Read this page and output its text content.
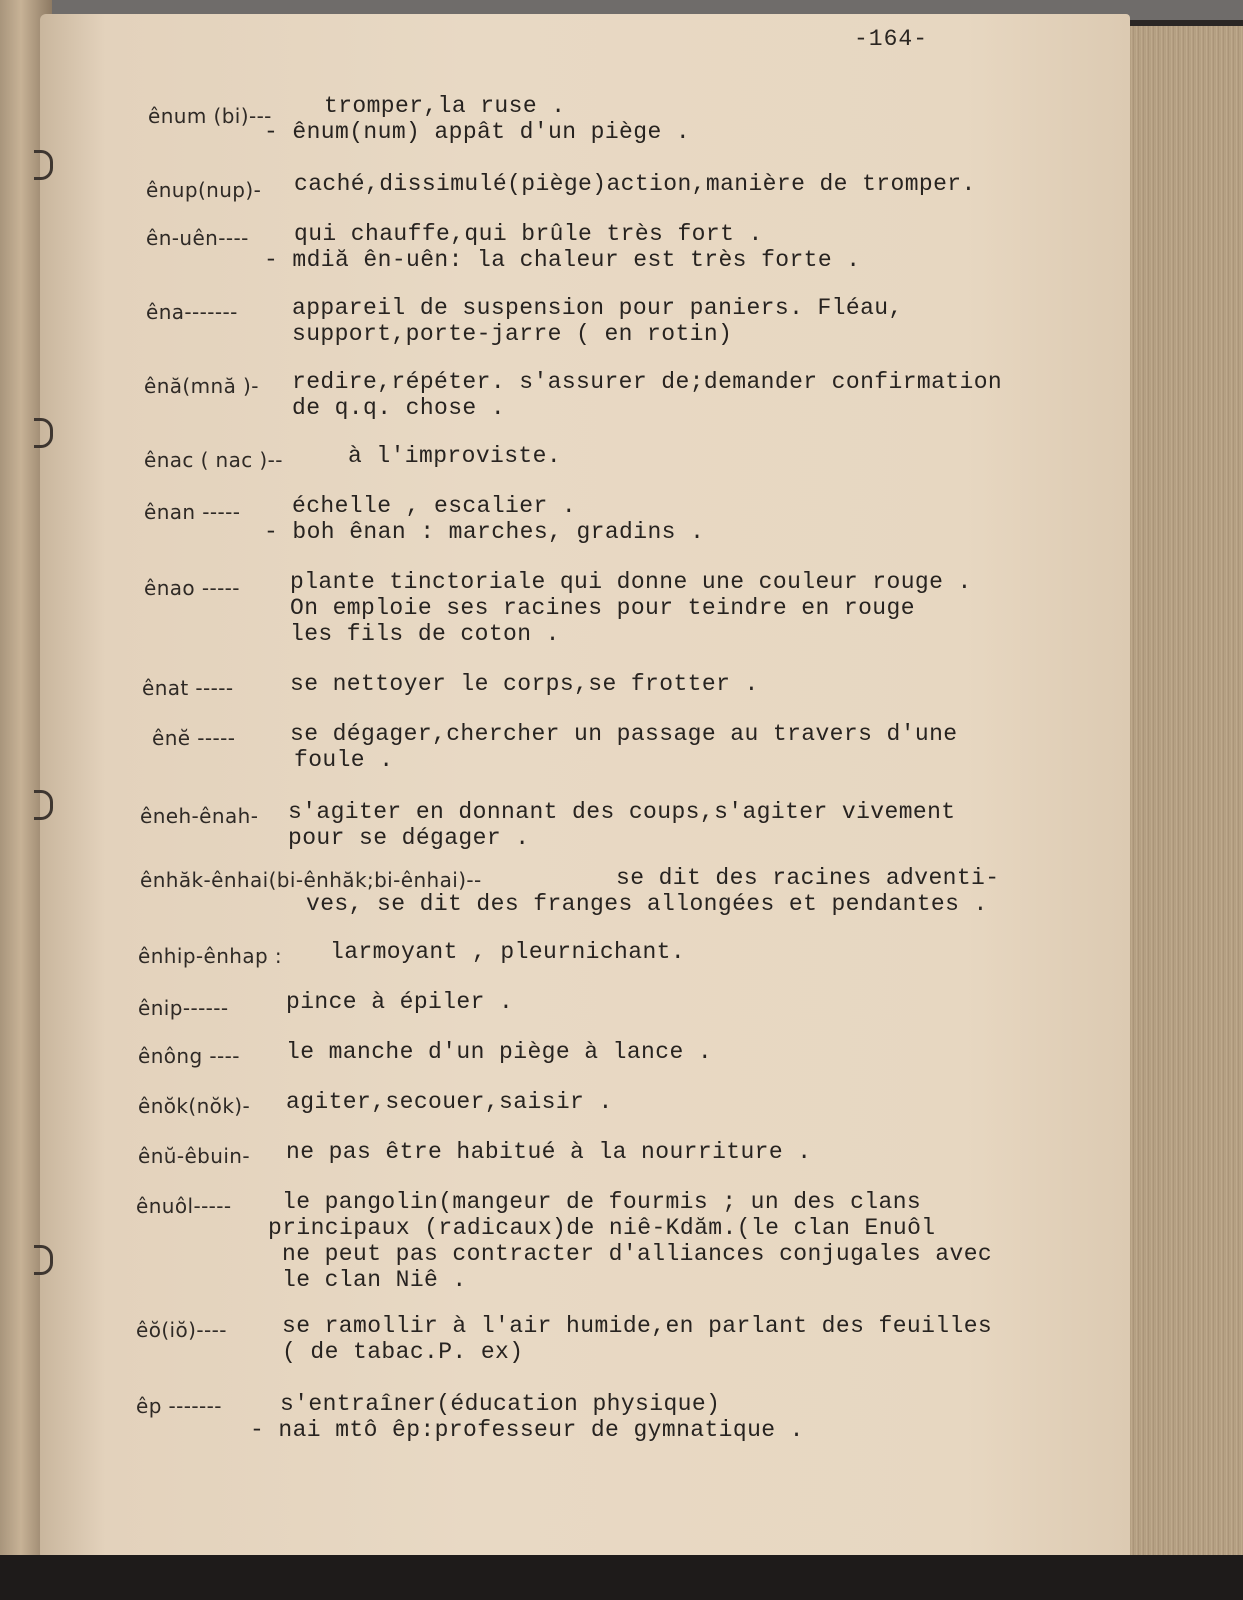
-164-
ênum (bi)--- tromper,la ruse .
- ênum(num) appât d'un piège .
ênup(nup)- caché,dissimulé(piège)action,manière de tromper.
ên-uên---- qui chauffe,qui brûle très fort .
- mdiă ên-uên: la chaleur est très forte .
êna------- appareil de suspension pour paniers. Fléau,
support,porte-jarre ( en rotin)
ênă(mnă )- redire,répéter. s'assurer de;demander confirmation
de q.q. chose .
ênac ( nac )--	à l'improviste.
ênan ----- échelle , escalier .
- boh ênan : marches, gradins .
ênao ----- plante tinctoriale qui donne une couleur rouge .
On emploie ses racines pour teindre en rouge
les fils de coton .
ênat ----- se nettoyer le corps,se frotter .
ênĕ ----- se dégager,chercher un passage au travers d'une
foule .
êneh-ênah- s'agiter en donnant des coups,s'agiter vivement
pour se dégager .
ênhăk-ênhai(bi-ênhăk;bi-ênhai)--	se dit des racines adventi-
ves, se dit des franges allongées et pendantes .
ênhip-ênhap : larmoyant , pleurnichant.
ênip------ pince à épiler .
ênông ---- le manche d'un piège à lance .
ênŏk(nŏk)- agiter,secouer,saisir .
ênŭ-êbuin- ne pas être habitué à la nourriture .
ênuôl----- le pangolin(mangeur de fourmis ; un des clans
principaux (radicaux)de niê-Kdăm.(le clan Enuôl
ne peut pas contracter d'alliances conjugales avec
le clan Niê .
êŏ(iŏ)---- se ramollir à l'air humide,en parlant des feuilles
( de tabac.P. ex)
êp -------	s'entraîner(éducation physique)
- nai mtô êp:professeur de gymnatique .
